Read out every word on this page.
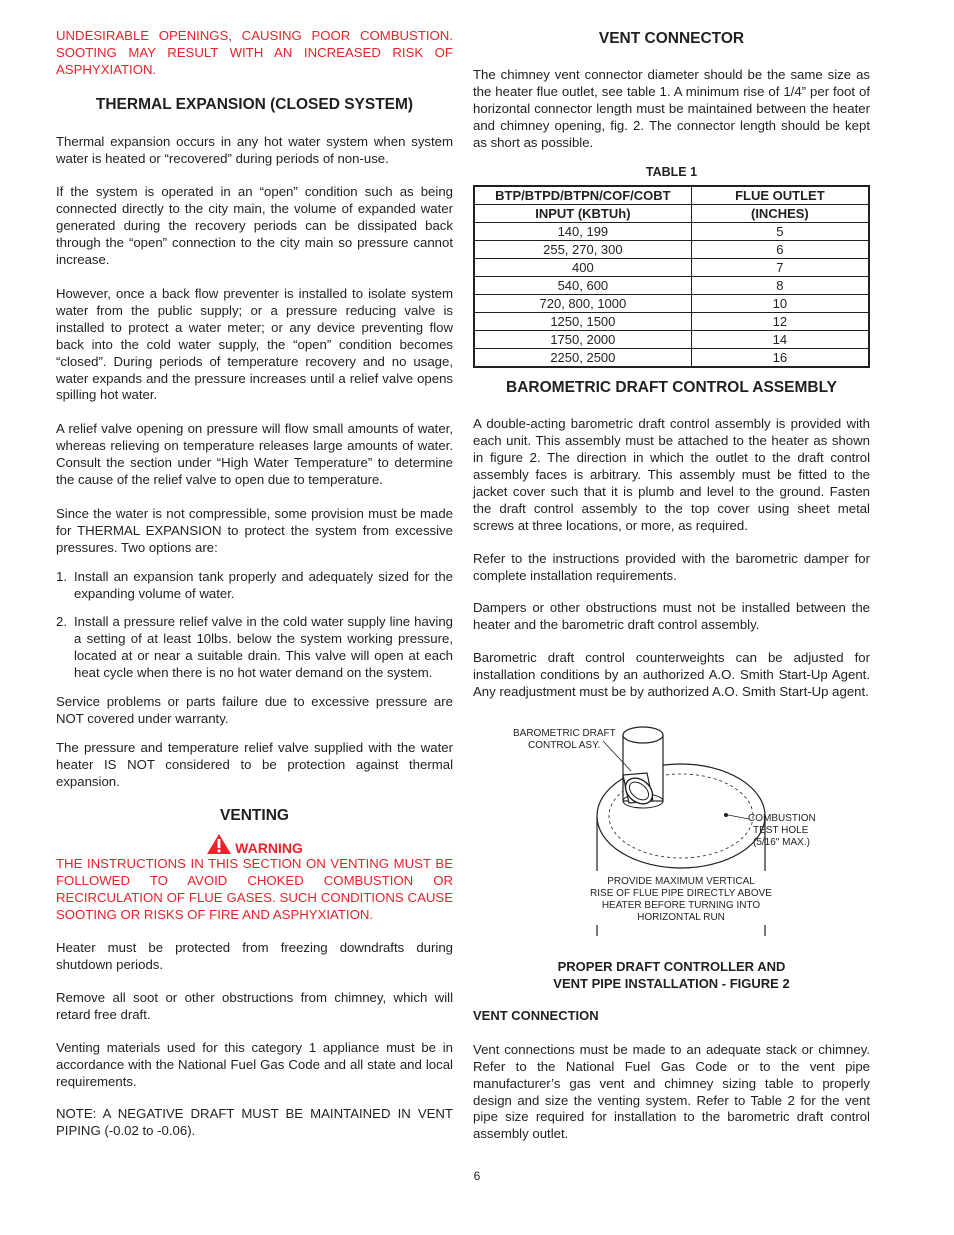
UNDESIRABLE OPENINGS, CAUSING POOR COMBUSTION. SOOTING MAY RESULT WITH AN INCREASED RISK OF ASPHYXIATION.

THERMAL EXPANSION (CLOSED SYSTEM)

Thermal expansion occurs in any hot water system when system water is heated or “recovered” during periods of non-use.

If the system is operated in an “open” condition such as being connected directly to the city main, the volume of expanded water generated during the recovery periods can be dissipated back through the “open” connection to the city main so pressure cannot increase.

However, once a back flow preventer is installed to isolate system water from the public supply; or a pressure reducing valve is installed to protect a water meter; or any device preventing flow back into the cold water supply, the “open” condition becomes “closed”. During periods of temperature recovery and no usage, water expands and the pressure increases until a relief valve opens spilling hot water.

A relief valve opening on pressure will flow small amounts of water, whereas relieving on temperature releases large amounts of water. Consult the section under “High Water Temperature” to determine the cause of the relief valve to open due to temperature.

Since the water is not compressible, some provision must be made for THERMAL EXPANSION to protect the system from excessive pressures. Two options are:

1. Install an expansion tank properly and adequately sized for the expanding volume of water.
2. Install a pressure relief valve in the cold water supply line having a setting of at least 10lbs. below the system working pressure, located at or near a suitable drain. This valve will open at each heat cycle when there is no hot water demand on the system.

Service problems or parts failure due to excessive pressure are NOT covered under warranty.

The pressure and temperature relief valve supplied with the water heater IS NOT considered to be protection against thermal expansion.

VENTING

WARNING

THE INSTRUCTIONS IN THIS SECTION ON VENTING MUST BE FOLLOWED TO AVOID CHOKED COMBUSTION OR RECIRCULATION OF FLUE GASES. SUCH CONDITIONS CAUSE SOOTING OR RISKS OF FIRE AND ASPHYXIATION.

Heater must be protected from freezing downdrafts during shutdown periods.

Remove all soot or other obstructions from chimney, which will retard free draft.

Venting materials used for this category 1 appliance must be in accordance with the National Fuel Gas Code and all state and local requirements.

NOTE: A NEGATIVE DRAFT MUST BE MAINTAINED IN VENT PIPING (-0.02 to -0.06).

VENT CONNECTOR

The chimney vent connector diameter should be the same size as the heater flue outlet, see table 1. A minimum rise of 1/4” per foot of horizontal connector length must be maintained between the heater and chimney opening, fig. 2. The connector length should be kept as short as possible.

TABLE 1

BTP/BTPD/BTPN/COF/COBT	FLUE OUTLET
INPUT (KBTUh)	(INCHES)
140, 199	5
255, 270, 300	6
400	7
540, 600	8
720, 800, 1000	10
1250, 1500	12
1750, 2000	14
2250, 2500	16
BAROMETRIC DRAFT CONTROL ASSEMBLY

A double-acting barometric draft control assembly is provided with each unit. This assembly must be attached to the heater as shown in figure 2. The direction in which the outlet to the draft control assembly faces is arbitrary. This assembly must be fitted to the jacket cover such that it is plumb and level to the ground. Fasten the draft control assembly to the top cover using sheet metal screws at three locations, or more, as required.

Refer to the instructions provided with the barometric damper for complete installation requirements.

Dampers or other obstructions must not be installed between the heater and the barometric draft control assembly.

Barometric draft control counterweights can be adjusted for installation conditions by an authorized A.O. Smith Start-Up Agent. Any readjustment must be by authorized A.O. Smith Start-Up agent.

BAROMETRIC DRAFT
CONTROL ASY.
COMBUSTION
TEST HOLE
(5/16" MAX.)
PROVIDE MAXIMUM VERTICAL
RISE OF FLUE PIPE DIRECTLY ABOVE
HEATER BEFORE TURNING INTO
HORIZONTAL RUN

PROPER DRAFT CONTROLLER AND

VENT PIPE INSTALLATION - FIGURE 2

VENT CONNECTION

Vent connections must be made to an adequate stack or chimney. Refer to the National Fuel Gas Code or to the vent pipe manufacturer’s gas vent and chimney sizing table to properly design and size the venting system. Refer to Table 2 for the vent pipe size required for installation to the barometric draft control assembly outlet.

6
